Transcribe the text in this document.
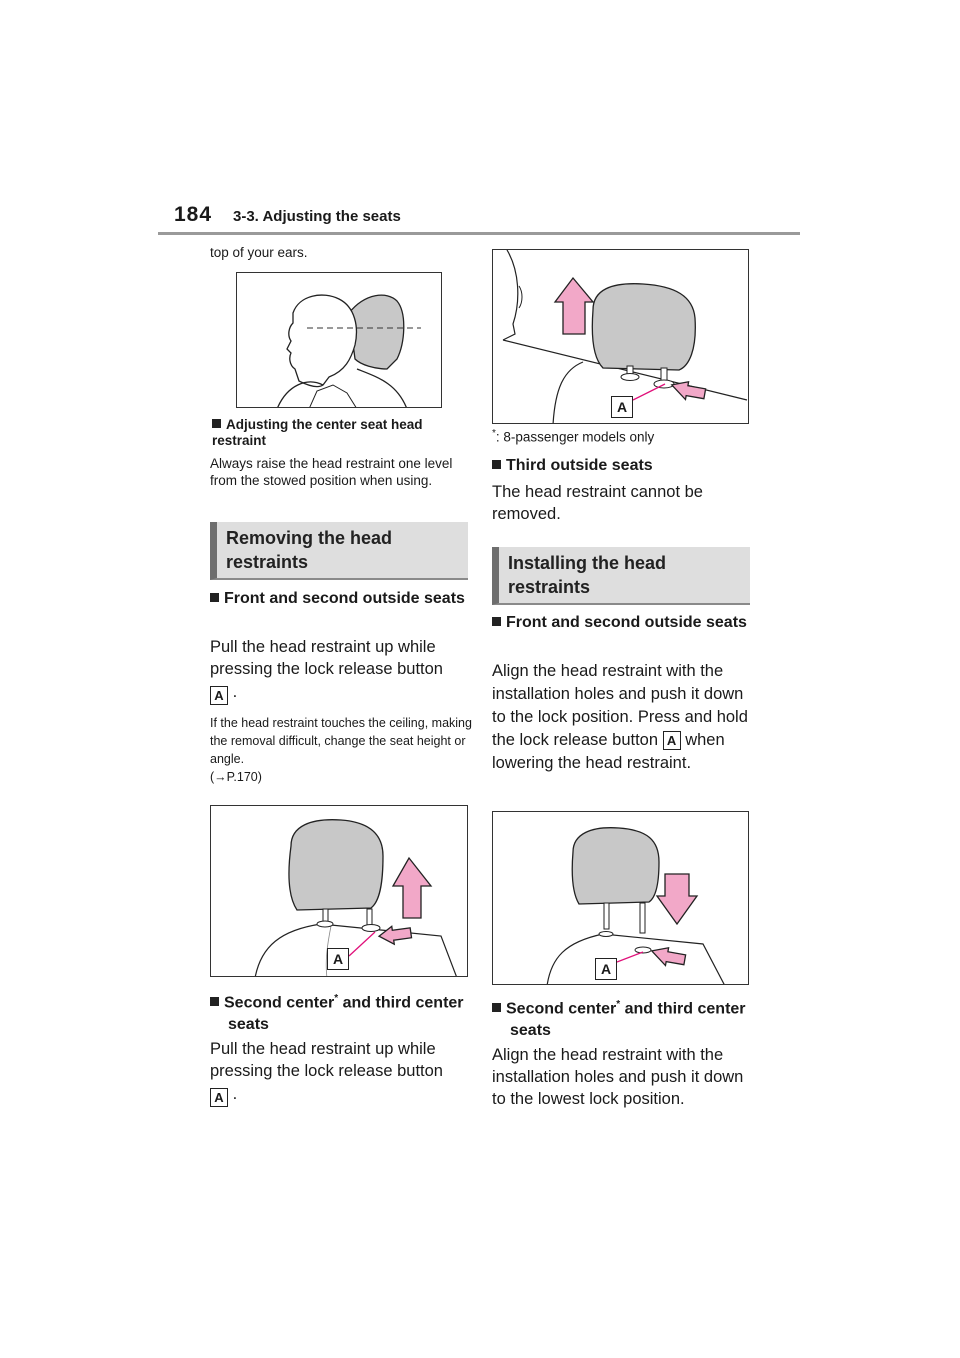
184 3-3. Adjusting the seats
top of your ears.
Adjusting the center seat head restraint
Always raise the head restraint one level from the stowed position when using.
Removing the head restraints
Front and second outside seats
Pull the head restraint up while pressing the lock release button
A .
If the head restraint touches the ceiling, making the removal difficult, change the seat height or angle.
(→P.170)
A
Second center* and third center seats
Pull the head restraint up while pressing the lock release button
A .
A
*: 8-passenger models only
Third outside seats
The head restraint cannot be removed.
Installing the head restraints
Front and second outside seats
Align the head restraint with the installation holes and push it down to the lock position. Press and hold the lock release button A when lowering the head restraint.
A
Second center* and third center seats
Align the head restraint with the installation holes and push it down to the lowest lock position.
